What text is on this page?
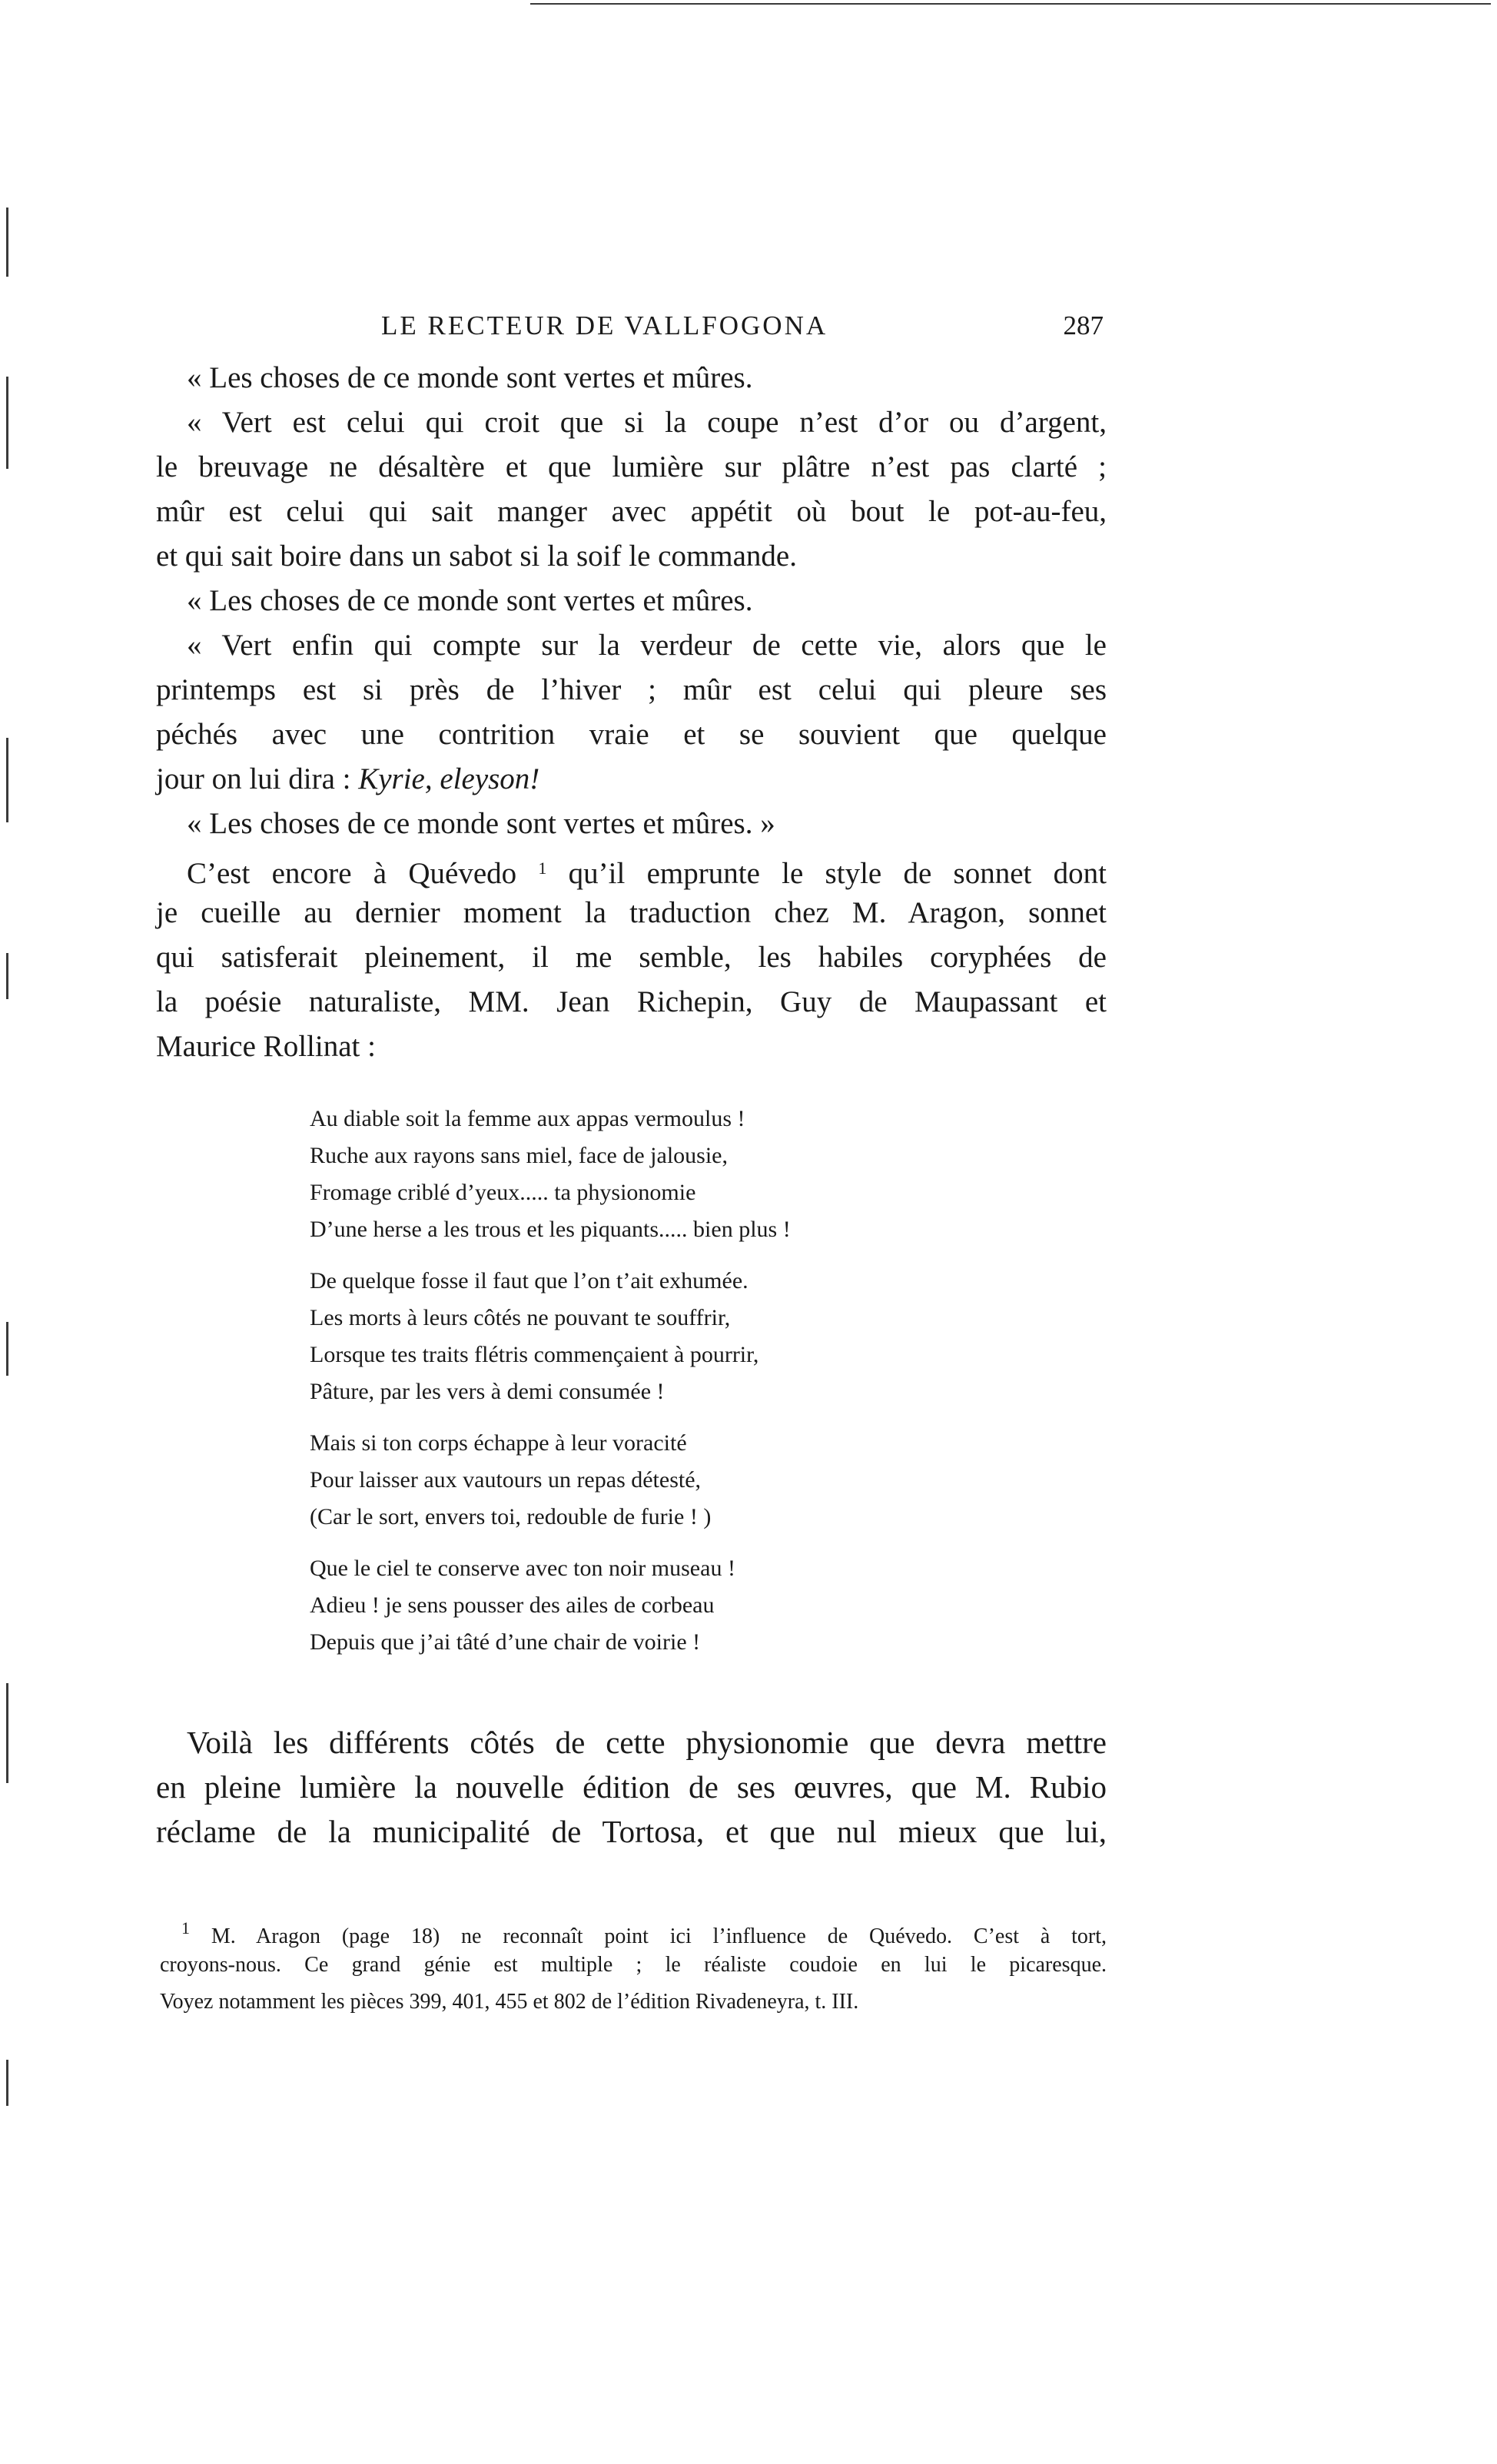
LE RECTEUR DE VALLFOGONA	287
« Les choses de ce monde sont vertes et mûres.
« Vert est celui qui croit que si la coupe n’est d’or ou d’argent,
le breuvage ne désaltère et que lumière sur plâtre n’est pas clarté ;
mûr est celui qui sait manger avec appétit où bout le pot-au-feu,
et qui sait boire dans un sabot si la soif le commande.
« Les choses de ce monde sont vertes et mûres.
« Vert enfin qui compte sur la verdeur de cette vie, alors que le
printemps est si près de l’hiver ; mûr est celui qui pleure ses
péchés avec une contrition vraie et se souvient que quelque
jour on lui dira : Kyrie, eleyson!
« Les choses de ce monde sont vertes et mûres. »
C’est encore à Quévedo $^1$ qu’il emprunte le style de sonnet dont
je cueille au dernier moment la traduction chez M. Aragon, sonnet
qui satisferait pleinement, il me semble, les habiles coryphées de
la poésie naturaliste, MM. Jean Richepin, Guy de Maupassant et
Maurice Rollinat :
Au diable soit la femme aux appas vermoulus !
Ruche aux rayons sans miel, face de jalousie,
Fromage criblé d’yeux..... ta physionomie
D’une herse a les trous et les piquants..... bien plus !
De quelque fosse il faut que l’on t’ait exhumée.
Les morts à leurs côtés ne pouvant te souffrir,
Lorsque tes traits flétris commençaient à pourrir,
Pâture, par les vers à demi consumée !
Mais si ton corps échappe à leur voracité
Pour laisser aux vautours un repas détesté,
(Car le sort, envers toi, redouble de furie ! )
Que le ciel te conserve avec ton noir museau !
Adieu ! je sens pousser des ailes de corbeau
Depuis que j’ai tâté d’une chair de voirie !
Voilà les différents côtés de cette physionomie que devra mettre
en pleine lumière la nouvelle édition de ses œuvres, que M. Rubio
réclame de la municipalité de Tortosa, et que nul mieux que lui,
$^1$ M. Aragon (page 18) ne reconnaît point ici l’influence de Quévedo. C’est à tort,
croyons-nous. Ce grand génie est multiple ; le réaliste coudoie en lui le picaresque.
Voyez notamment les pièces 399, 401, 455 et 802 de l’édition Rivadeneyra, t. III.
